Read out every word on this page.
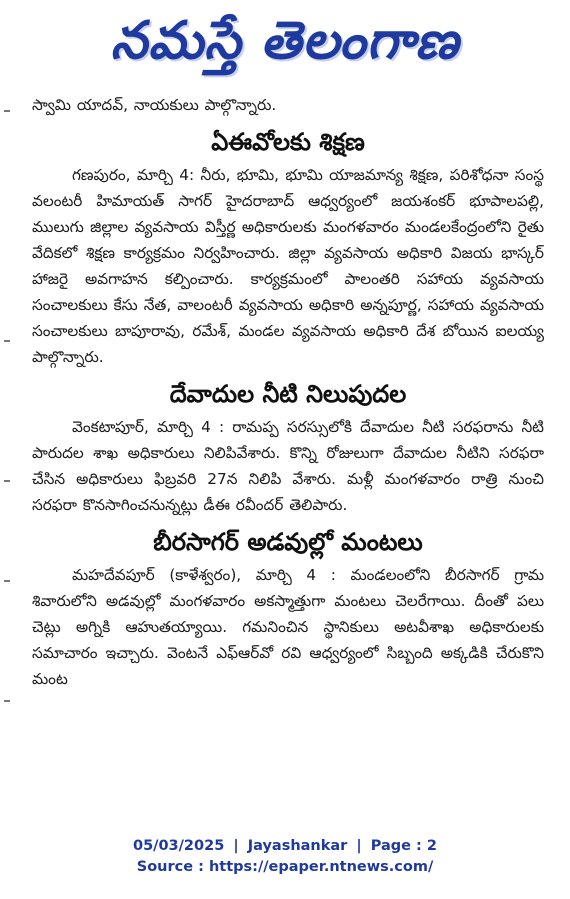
నమస్తే తెలంగాణ

స్వామి యాదవ్‌, నాయకులు పాల్గొన్నారు.

ఏఈవోలకు శిక్షణ

గణపురం, మార్చి 4: నీరు, భూమి, భూమి యాజమాన్య శిక్షణ, పరిశోధనా సంస్థ వలంటరీ హిమాయత్‌ సాగర్‌ హైదరాబాద్‌ ఆధ్వర్యంలో జయశంకర్‌ భూపాలపల్లి, ములుగు జిల్లాల వ్యవసాయ విస్తీర్ణ అధికారులకు మంగళవారం మండలకేంద్రంలోని రైతు వేదికలో శిక్షణ కార్యక్రమం నిర్వహించారు. జిల్లా వ్యవసాయ అధికారి విజయ భాస్కర్‌ హాజరై అవగాహన కల్పించారు. కార్యక్రమంలో పాలంతరి సహాయ వ్యవసాయ సంచాలకులు కేసు నేత, వాలంటరీ వ్యవసాయ అధికారి అన్నపూర్ణ, సహాయ వ్యవసాయ సంచాలకులు బాపూరావు, రమేశ్‌, మండల వ్యవసాయ అధికారి దేశ బోయిన ఐలయ్య పాల్గొన్నారు.

దేవాదుల నీటి నిలుపుదల

వెంకటాపూర్‌, మార్చి 4 : రామప్ప సరస్సులోకి దేవాదుల నీటి సరఫరాను నీటి పారుదల శాఖ అధికారులు నిలిపివేశారు. కొన్ని రోజులుగా దేవాదుల నీటిని సరఫరా చేసిన అధికారులు ఫిబ్రవరి 27న నిలిపి వేశారు. మళ్లీ మంగళవారం రాత్రి నుంచి సరఫరా కొనసాగించనున్నట్లు డీఈ రవీందర్‌ తెలిపారు.

బీరసాగర్‌ అడవుల్లో మంటలు

మహదేవపూర్‌ (కాళేశ్వరం), మార్చి 4 : మండలంలోని బీరసాగర్‌ గ్రామ శివారులోని అడవుల్లో మంగళవారం అకస్మాత్తుగా మంటలు చెలరేగాయి. దీంతో పలు చెట్లు అగ్నికి ఆహుతయ్యాయి. గమనించిన స్థానికులు అటవీశాఖ అధికారులకు సమాచారం ఇచ్చారు. వెంటనే ఎఫ్‌ఆర్‌వో రవి ఆధ్వర్యంలో సిబ్బంది అక్కడికి చేరుకొని మంట

05/03/2025 | Jayashankar | Page : 2
Source : https://epaper.ntnews.com/
